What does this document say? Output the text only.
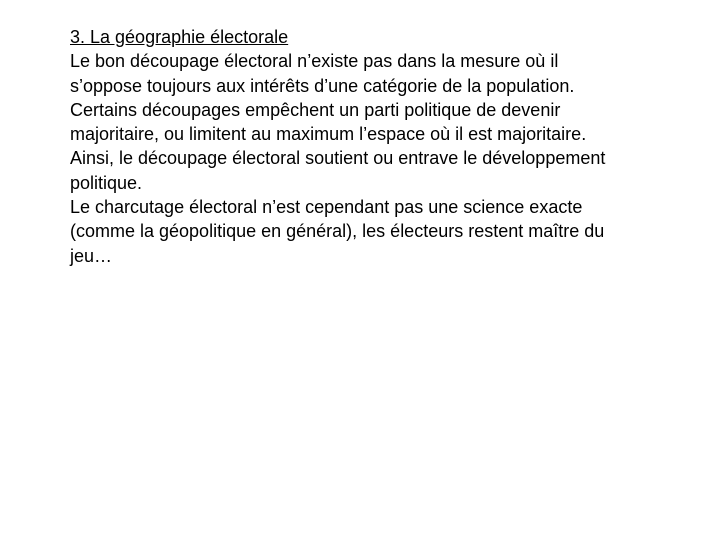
3. La géographie électorale

Le bon découpage électoral n’existe pas dans la mesure où il
s’oppose toujours aux intérêts d’une catégorie de la population.
Certains découpages empêchent un parti politique de devenir
majoritaire, ou limitent au maximum l’espace où il est majoritaire.
Ainsi, le découpage électoral soutient ou entrave le développement
politique.

Le charcutage électoral n’est cependant pas une science exacte
(comme la géopolitique en général), les électeurs restent maître du
jeu…
